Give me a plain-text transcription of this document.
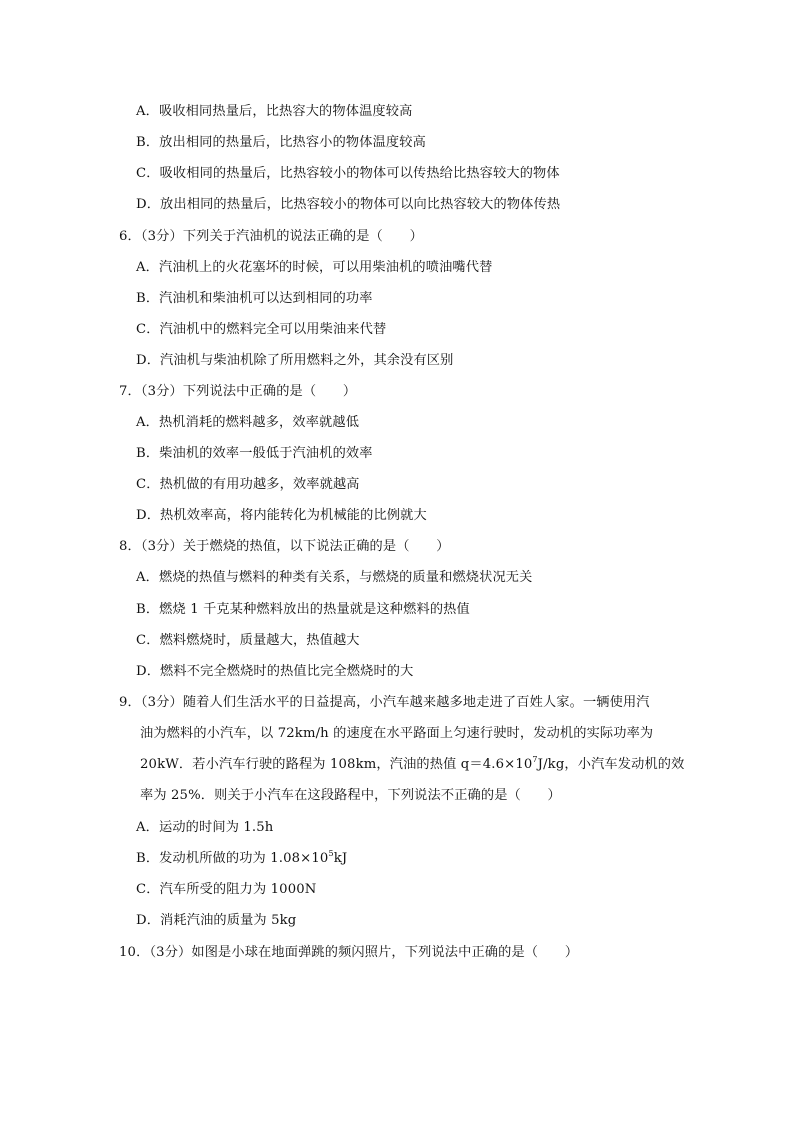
A．吸收相同热量后，比热容大的物体温度较高
B．放出相同的热量后，比热容小的物体温度较高
C．吸收相同的热量后，比热容较小的物体可以传热给比热容较大的物体
D．放出相同的热量后，比热容较小的物体可以向比热容较大的物体传热
6．（3分）下列关于汽油机的说法正确的是（　　）
A．汽油机上的火花塞坏的时候，可以用柴油机的喷油嘴代替
B．汽油机和柴油机可以达到相同的功率
C．汽油机中的燃料完全可以用柴油来代替
D．汽油机与柴油机除了所用燃料之外，其余没有区别
7．（3分）下列说法中正确的是（　　）
A．热机消耗的燃料越多，效率就越低
B．柴油机的效率一般低于汽油机的效率
C．热机做的有用功越多，效率就越高
D．热机效率高，将内能转化为机械能的比例就大
8．（3分）关于燃烧的热值，以下说法正确的是（　　）
A．燃烧的热值与燃料的种类有关系，与燃烧的质量和燃烧状况无关
B．燃烧 1 千克某种燃料放出的热量就是这种燃料的热值
C．燃料燃烧时，质量越大，热值越大
D．燃料不完全燃烧时的热值比完全燃烧时的大
9．（3分）随着人们生活水平的日益提高，小汽车越来越多地走进了百姓人家。一辆使用汽
油为燃料的小汽车，以 72km/h 的速度在水平路面上匀速行驶时，发动机的实际功率为
20kW．若小汽车行驶的路程为 108km，汽油的热值 $q=4.6\times 10^7J/kg$，小汽车发动机的效
率为 25%．则关于小汽车在这段路程中，下列说法不正确的是（　　）
A．运动的时间为 1.5h
B．发动机所做的功为 $1.08\times 10^5kJ$
C．汽车所受的阻力为 1000N
D．消耗汽油的质量为 5kg
10．（3分）如图是小球在地面弹跳的频闪照片，下列说法中正确的是（　　）
